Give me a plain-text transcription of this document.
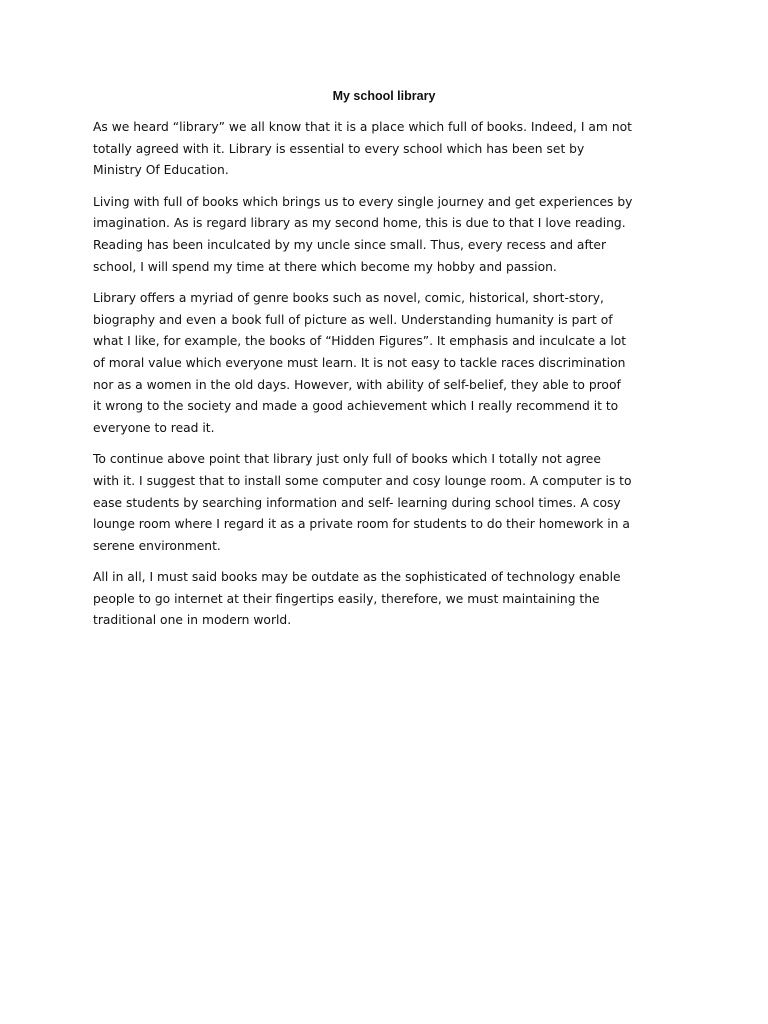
My school library

As we heard “library” we all know that it is a place which full of books. Indeed, I am not
totally agreed with it. Library is essential to every school which has been set by
Ministry Of Education.

Living with full of books which brings us to every single journey and get experiences by
imagination. As is regard library as my second home, this is due to that I love reading.
Reading has been inculcated by my uncle since small. Thus, every recess and after
school, I will spend my time at there which become my hobby and passion.

Library offers a myriad of genre books such as novel, comic, historical, short-story,
biography and even a book full of picture as well. Understanding humanity is part of
what I like, for example, the books of “Hidden Figures”. It emphasis and inculcate a lot
of moral value which everyone must learn. It is not easy to tackle races discrimination
nor as a women in the old days. However, with ability of self-belief, they able to proof
it wrong to the society and made a good achievement which I really recommend it to
everyone to read it.

To continue above point that library just only full of books which I totally not agree
with it. I suggest that to install some computer and cosy lounge room. A computer is to
ease students by searching information and self- learning during school times. A cosy
lounge room where I regard it as a private room for students to do their homework in a
serene environment.

All in all, I must said books may be outdate as the sophisticated of technology enable
people to go internet at their fingertips easily, therefore, we must maintaining the
traditional one in modern world.
